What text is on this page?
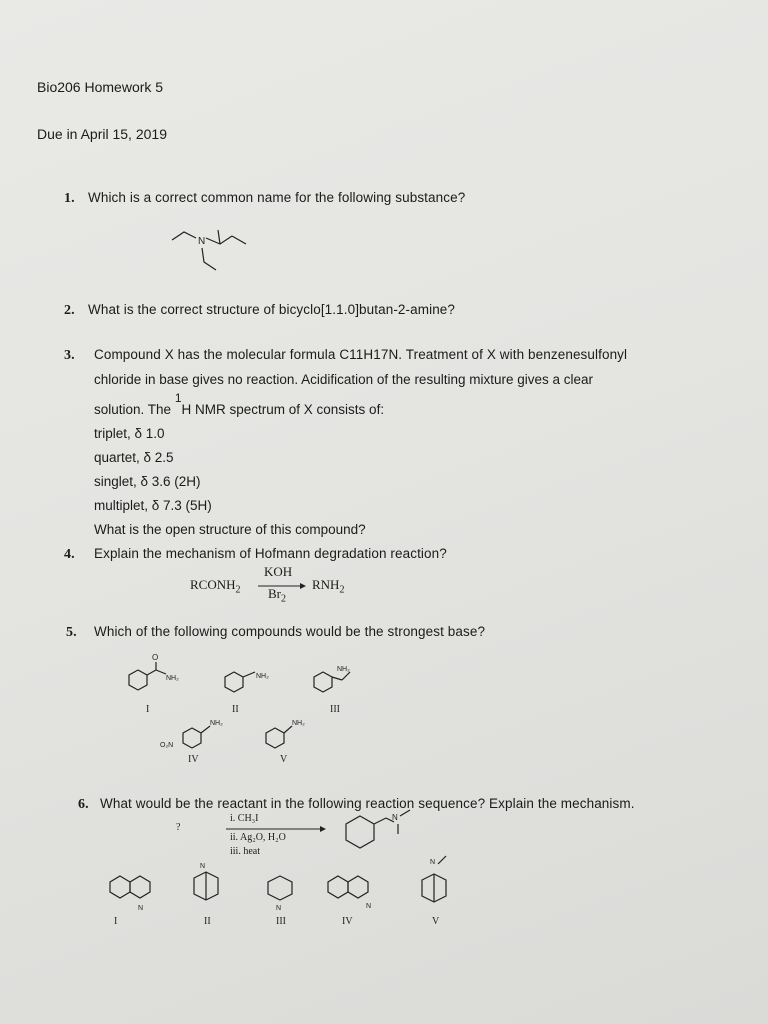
Bio206 Homework 5
Due in April 15, 2019
1. Which is a correct common name for the following substance?
N
2. What is the correct structure of bicyclo[1.1.0]butan-2-amine?
3. Compound X has the molecular formula C11H17N. Treatment of X with benzenesulfonyl
chloride in base gives no reaction. Acidification of the resulting mixture gives a clear
solution. The 1H NMR spectrum of X consists of:
triplet, δ 1.0
quartet, δ 2.5
singlet, δ 3.6 (2H)
multiplet, δ 7.3 (5H)
What is the open structure of this compound?
4. Explain the mechanism of Hofmann degradation reaction?
$RCONH_2$
KOH
$Br_2$
$RNH_2$
5. Which of the following compounds would be the strongest base?
O
NH₂
I
NH₂
II
NH₂
III
NH₂
O₂N
IV
NH₂
V
6. What would be the reactant in the following reaction sequence? Explain the mechanism.
?
i. CH₃I
ii. Ag₂O, H₂O
iii. heat
N
N
I
N
II
N
III
N
IV
N
V
